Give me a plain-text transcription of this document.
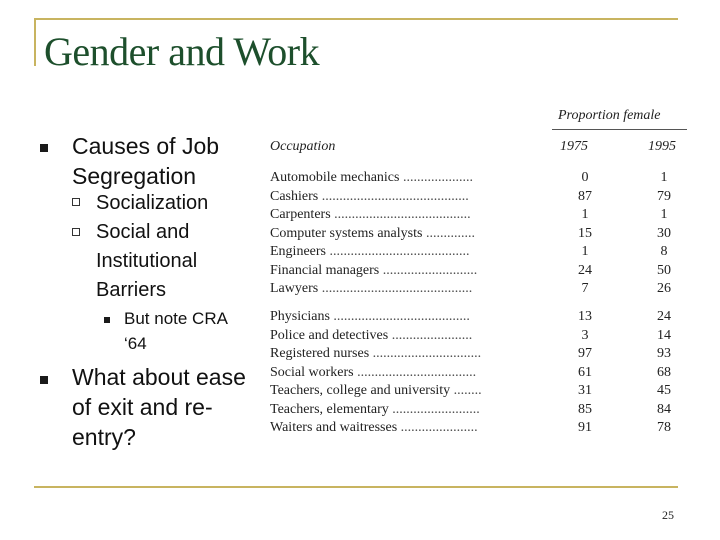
Gender and Work
Causes of Job Segregation
Socialization
Social and Institutional Barriers
But note CRA ‘64
What about ease of exit and re-entry?
Proportion female
Occupation	1975	1995
Automobile mechanics ....................	0	1
Cashiers ..........................................	87	79
Carpenters .......................................	1	1
Computer systems analysts ..............	15	30
Engineers ........................................	1	8
Financial managers ...........................	24	50
Lawyers ...........................................	7	26
Physicians .......................................	13	24
Police and detectives .......................	3	14
Registered nurses ...............................	97	93
Social workers ..................................	61	68
Teachers, college and university ........	31	45
Teachers, elementary .........................	85	84
Waiters and waitresses ......................	91	78
25
